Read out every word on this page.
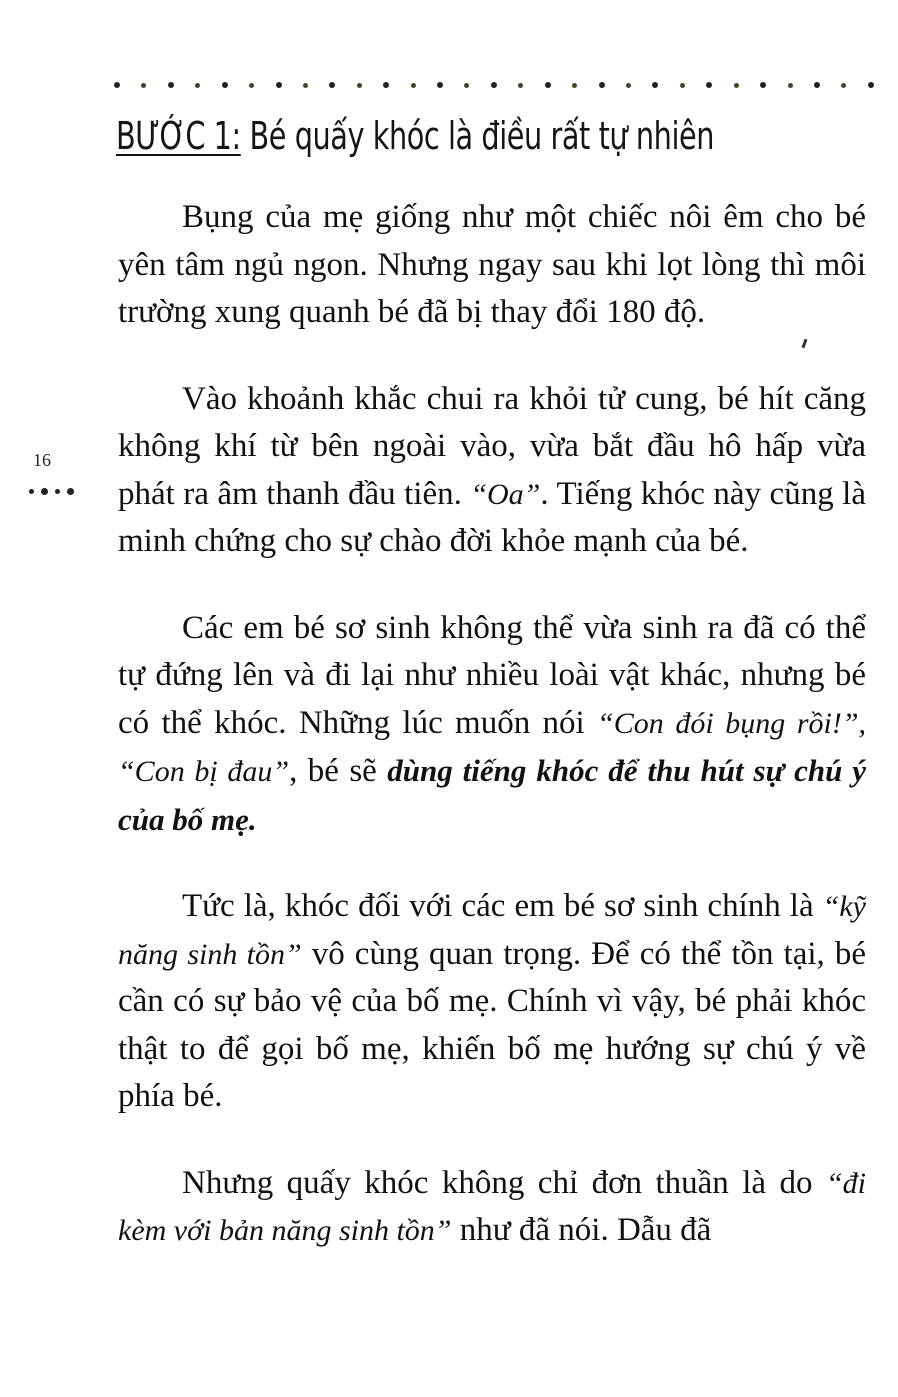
BƯỚC 1: Bé quấy khóc là điều rất tự nhiên
16

Bụng của mẹ giống như một chiếc nôi êm cho bé yên tâm ngủ ngon. Nhưng ngay sau khi lọt lòng thì môi trường xung quanh bé đã bị thay đổi 180 độ.

Vào khoảnh khắc chui ra khỏi tử cung, bé hít căng không khí từ bên ngoài vào, vừa bắt đầu hô hấp vừa phát ra âm thanh đầu tiên. “Oa”. Tiếng khóc này cũng là minh chứng cho sự chào đời khỏe mạnh của bé.

Các em bé sơ sinh không thể vừa sinh ra đã có thể tự đứng lên và đi lại như nhiều loài vật khác, nhưng bé có thể khóc. Những lúc muốn nói “Con đói bụng rồi!”, “Con bị đau”, bé sẽ dùng tiếng khóc để thu hút sự chú ý của bố mẹ.

Tức là, khóc đối với các em bé sơ sinh chính là “kỹ năng sinh tồn” vô cùng quan trọng. Để có thể tồn tại, bé cần có sự bảo vệ của bố mẹ. Chính vì vậy, bé phải khóc thật to để gọi bố mẹ, khiến bố mẹ hướng sự chú ý về phía bé.

Nhưng quấy khóc không chỉ đơn thuần là do “đi kèm với bản năng sinh tồn” như đã nói. Dẫu đã
